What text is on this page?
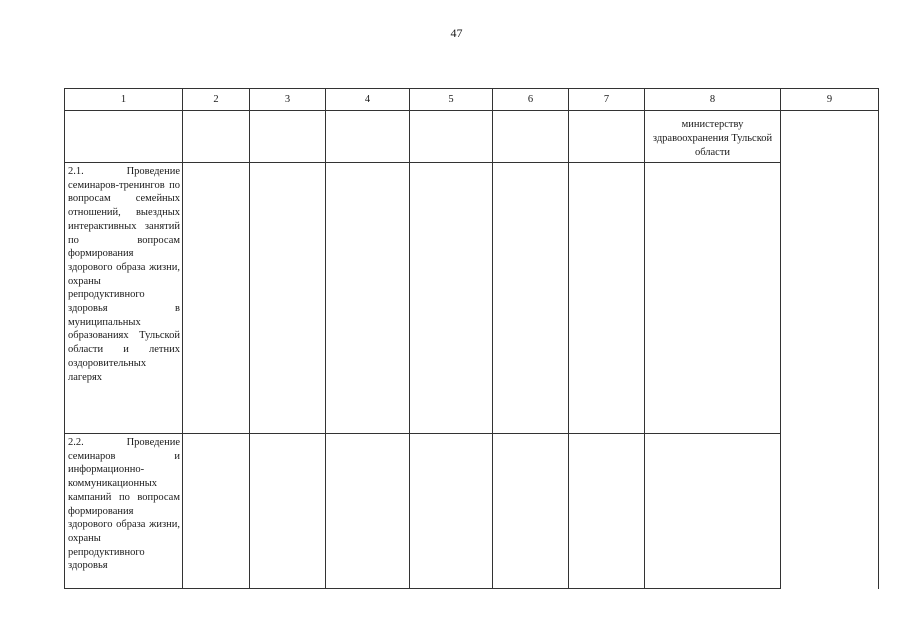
47
1	2	3	4	5	6	7	8	9
							министерству здравоохранения Тульской области	
2.1. Проведение семинаров-тренингов по вопросам семейных отношений, выездных интерактивных занятий по вопросам формирования здорового образа жизни, охраны репродуктивного здоровья в муниципальных образованиях Тульской области и летних оздоровительных лагерях								
2.2. Проведение семинаров и информационно-коммуникационных кампаний по вопросам формирования здорового образа жизни, охраны репродуктивного здоровья								
